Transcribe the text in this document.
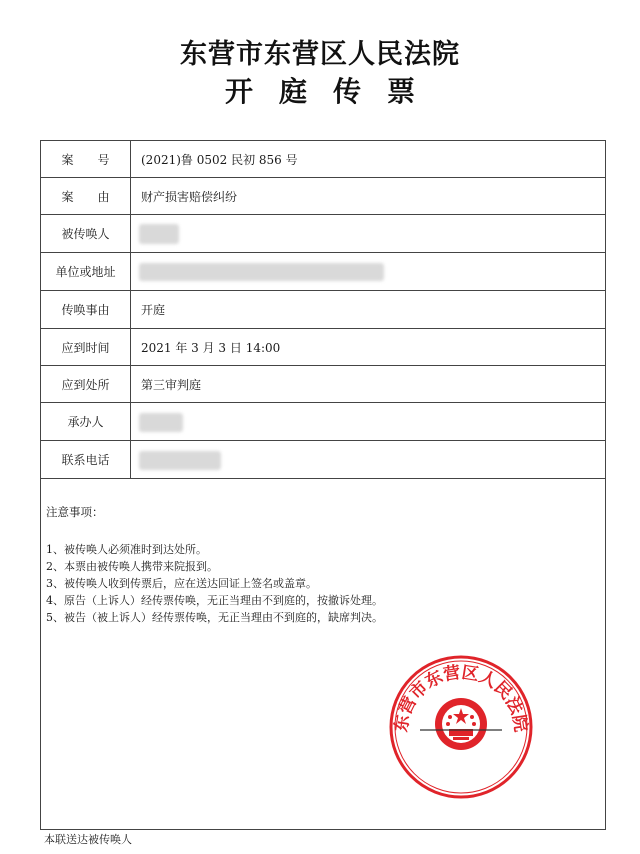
东营市东营区人民法院
开庭传票
案　　号	(2021)鲁 0502 民初 856 号
案　　由	财产损害赔偿纠纷
被传唤人
单位或地址
传唤事由	开庭
应到时间	2021 年 3 月 3 日 14:00
应到处所	第三审判庭
承办人
联系电话
注意事项：
1、被传唤人必须准时到达处所。
2、本票由被传唤人携带来院报到。
3、被传唤人收到传票后，应在送达回证上签名或盖章。
4、原告（上诉人）经传票传唤，无正当理由不到庭的，按撤诉处理。
5、被告（被上诉人）经传票传唤，无正当理由不到庭的，缺席判决。
东营市东营区人民法院
本联送达被传唤人
